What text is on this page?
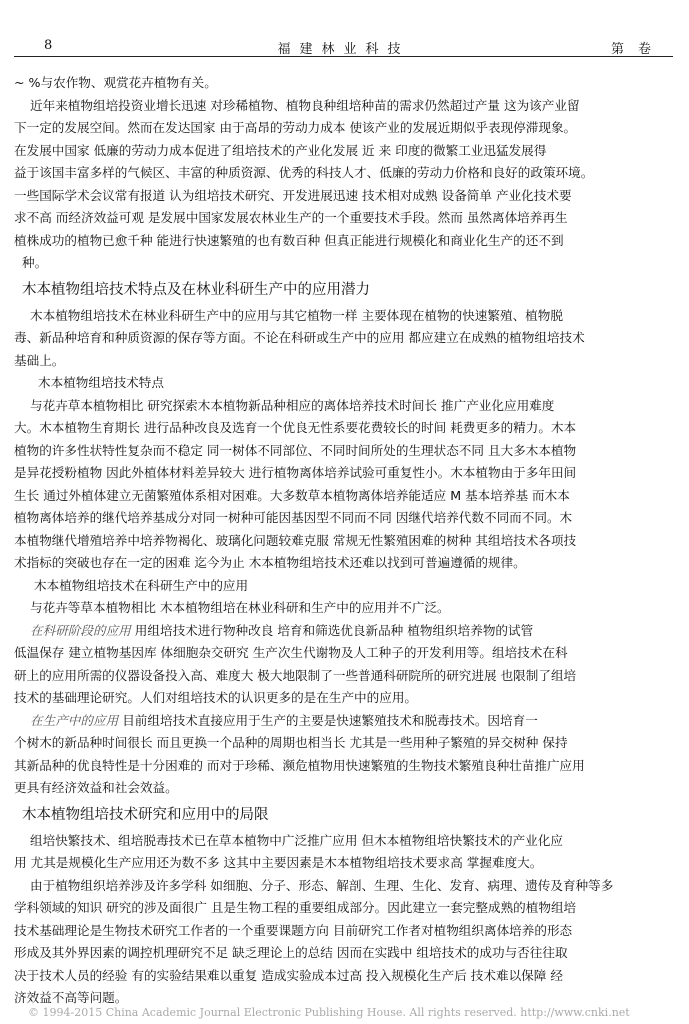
8	福建林业科技	第卷
~ %与农作物、观赏花卉植物有关。
近年来植物组培投资业增长迅速 对珍稀植物、植物良种组培种苗的需求仍然超过产量 这为该产业留
下一定的发展空间。然而在发达国家 由于高昂的劳动力成本 使该产业的发展近期似乎表现停滞现象。
在发展中国家 低廉的劳动力成本促进了组培技术的产业化发展 近 来 印度的微繁工业迅猛发展得
益于该国丰富多样的气候区、丰富的种质资源、优秀的科技人才、低廉的劳动力价格和良好的政策环境。
一些国际学术会议常有报道 认为组培技术研究、开发进展迅速 技术相对成熟 设备简单 产业化技术要
求不高 而经济效益可观 是发展中国家发展农林业生产的一个重要技术手段。然而 虽然离体培养再生
植株成功的植物已愈千种 能进行快速繁殖的也有数百种 但真正能进行规模化和商业化生产的还不到
种。
木本植物组培技术特点及在林业科研生产中的应用潜力
木本植物组培技术在林业科研生产中的应用与其它植物一样 主要体现在植物的快速繁殖、植物脱
毒、新品种培育和种质资源的保存等方面。不论在科研或生产中的应用 都应建立在成熟的植物组培技术
基础上。
木本植物组培技术特点
与花卉草本植物相比 研究探索木本植物新品种相应的离体培养技术时间长 推广产业化应用难度
大。木本植物生育期长 进行品种改良及选育一个优良无性系要花费较长的时间 耗费更多的精力。木本
植物的许多性状特性复杂而不稳定 同一树体不同部位、不同时间所处的生理状态不同 且大多木本植物
是异花授粉植物 因此外植体材料差异较大 进行植物离体培养试验可重复性小。木本植物由于多年田间
生长 通过外植体建立无菌繁殖体系相对困难。大多数草本植物离体培养能适应 M 基本培养基 而木本
植物离体培养的继代培养基成分对同一树种可能因基因型不同而不同 因继代培养代数不同而不同。木
本植物继代增殖培养中培养物褐化、玻璃化问题较难克服 常规无性繁殖困难的树种 其组培技术各项技
术指标的突破也存在一定的困难 迄今为止 木本植物组培技术还难以找到可普遍遵循的规律。
木本植物组培技术在科研生产中的应用
与花卉等草本植物相比 木本植物组培在林业科研和生产中的应用并不广泛。
在科研阶段的应用 用组培技术进行物种改良 培育和筛选优良新品种 植物组织培养物的试管
低温保存 建立植物基因库 体细胞杂交研究 生产次生代谢物及人工种子的开发利用等。组培技术在科
研上的应用所需的仪器设备投入高、难度大 极大地限制了一些普通科研院所的研究进展 也限制了组培
技术的基础理论研究。人们对组培技术的认识更多的是在生产中的应用。
在生产中的应用 目前组培技术直接应用于生产的主要是快速繁殖技术和脱毒技术。因培育一
个树木的新品种时间很长 而且更换一个品种的周期也相当长 尤其是一些用种子繁殖的异交树种 保持
其新品种的优良特性是十分困难的 而对于珍稀、濒危植物用快速繁殖的生物技术繁殖良种壮苗推广应用
更具有经济效益和社会效益。
木本植物组培技术研究和应用中的局限
组培快繁技术、组培脱毒技术已在草本植物中广泛推广应用 但木本植物组培快繁技术的产业化应
用 尤其是规模化生产应用还为数不多 这其中主要因素是木本植物组培技术要求高 掌握难度大。
由于植物组织培养涉及许多学科 如细胞、分子、形态、解剖、生理、生化、发育、病理、遗传及育种等多
学科领域的知识 研究的涉及面很广 且是生物工程的重要组成部分。因此建立一套完整成熟的植物组培
技术基础理论是生物技术研究工作者的一个重要课题方向 目前研究工作者对植物组织离体培养的形态
形成及其外界因素的调控机理研究不足 缺乏理论上的总结 因而在实践中 组培技术的成功与否往往取
决于技术人员的经验 有的实验结果难以重复 造成实验成本过高 投入规模化生产后 技术难以保障 经
济效益不高等问题。
© 1994-2015 China Academic Journal Electronic Publishing House. All rights reserved. http://www.cnki.net
